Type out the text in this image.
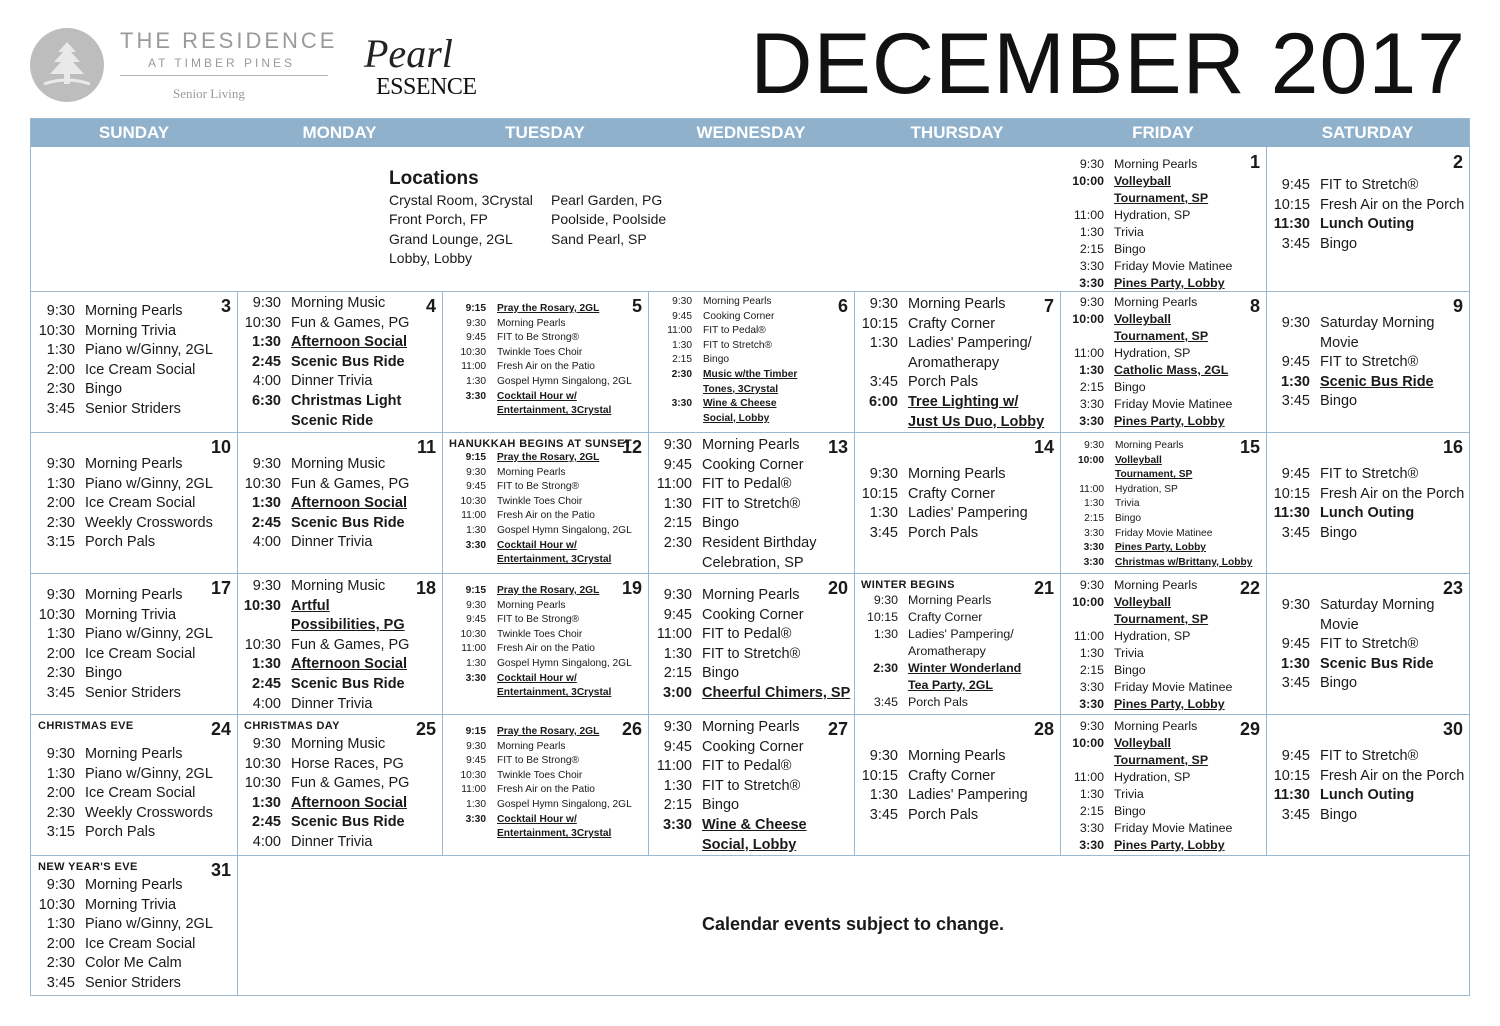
THE RESIDENCE
AT TIMBER PINES
Senior Living
Pearl
ESSENCE	DECEMBER 2017
SUNDAY	MONDAY	TUESDAY	WEDNESDAY	THURSDAY	FRIDAY	SATURDAY
Locations
Crystal Room, 3Crystal	Pearl Garden, PG
Front Porch, FP	Poolside, Poolside
Grand Lounge, 2GL	Sand Pearl, SP
Lobby, Lobby
1
9:30 Morning Pearls
10:00 Volleyball
Tournament, SP
11:00 Hydration, SP
1:30 Trivia
2:15 Bingo
3:30 Friday Movie Matinee
3:30 Pines Party, Lobby
2
9:45 FIT to Stretch®
10:15 Fresh Air on the Porch
11:30 Lunch Outing
3:45 Bingo
3
9:30 Morning Pearls
10:30 Morning Trivia
1:30 Piano w/Ginny, 2GL
2:00 Ice Cream Social
2:30 Bingo
3:45 Senior Striders
4
9:30 Morning Music
10:30 Fun & Games, PG
1:30 Afternoon Social
2:45 Scenic Bus Ride
4:00 Dinner Trivia
6:30 Christmas Light
Scenic Ride
5
9:15 Pray the Rosary, 2GL
9:30 Morning Pearls
9:45 FIT to Be Strong®
10:30 Twinkle Toes Choir
11:00 Fresh Air on the Patio
1:30 Gospel Hymn Singalong, 2GL
3:30 Cocktail Hour w/
Entertainment, 3Crystal
6
9:30 Morning Pearls
9:45 Cooking Corner
11:00 FIT to Pedal®
1:30 FIT to Stretch®
2:15 Bingo
2:30 Music w/the Timber
Tones, 3Crystal
3:30 Wine & Cheese
Social, Lobby
7
9:30 Morning Pearls
10:15 Crafty Corner
1:30 Ladies' Pampering/
Aromatherapy
3:45 Porch Pals
6:00 Tree Lighting w/
Just Us Duo, Lobby
8
9:30 Morning Pearls
10:00 Volleyball
Tournament, SP
11:00 Hydration, SP
1:30 Catholic Mass, 2GL
2:15 Bingo
3:30 Friday Movie Matinee
3:30 Pines Party, Lobby
9
9:30 Saturday Morning
Movie
9:45 FIT to Stretch®
1:30 Scenic Bus Ride
3:45 Bingo
10
9:30 Morning Pearls
1:30 Piano w/Ginny, 2GL
2:00 Ice Cream Social
2:30 Weekly Crosswords
3:15 Porch Pals
11
9:30 Morning Music
10:30 Fun & Games, PG
1:30 Afternoon Social
2:45 Scenic Bus Ride
4:00 Dinner Trivia
12
HANUKKAH BEGINS AT SUNSET
9:15 Pray the Rosary, 2GL
9:30 Morning Pearls
9:45 FIT to Be Strong®
10:30 Twinkle Toes Choir
11:00 Fresh Air on the Patio
1:30 Gospel Hymn Singalong, 2GL
3:30 Cocktail Hour w/
Entertainment, 3Crystal
13
9:30 Morning Pearls
9:45 Cooking Corner
11:00 FIT to Pedal®
1:30 FIT to Stretch®
2:15 Bingo
2:30 Resident Birthday
Celebration, SP
14
9:30 Morning Pearls
10:15 Crafty Corner
1:30 Ladies' Pampering
3:45 Porch Pals
15
9:30 Morning Pearls
10:00 Volleyball
Tournament, SP
11:00 Hydration, SP
1:30 Trivia
2:15 Bingo
3:30 Friday Movie Matinee
3:30 Pines Party, Lobby
3:30 Christmas w/Brittany, Lobby
16
9:45 FIT to Stretch®
10:15 Fresh Air on the Porch
11:30 Lunch Outing
3:45 Bingo
17
9:30 Morning Pearls
10:30 Morning Trivia
1:30 Piano w/Ginny, 2GL
2:00 Ice Cream Social
2:30 Bingo
3:45 Senior Striders
18
9:30 Morning Music
10:30 Artful
Possibilities, PG
10:30 Fun & Games, PG
1:30 Afternoon Social
2:45 Scenic Bus Ride
4:00 Dinner Trivia
19
9:15 Pray the Rosary, 2GL
9:30 Morning Pearls
9:45 FIT to Be Strong®
10:30 Twinkle Toes Choir
11:00 Fresh Air on the Patio
1:30 Gospel Hymn Singalong, 2GL
3:30 Cocktail Hour w/
Entertainment, 3Crystal
20
9:30 Morning Pearls
9:45 Cooking Corner
11:00 FIT to Pedal®
1:30 FIT to Stretch®
2:15 Bingo
3:00 Cheerful Chimers, SP
21
WINTER BEGINS
9:30 Morning Pearls
10:15 Crafty Corner
1:30 Ladies' Pampering/
Aromatherapy
2:30 Winter Wonderland
Tea Party, 2GL
3:45 Porch Pals
22
9:30 Morning Pearls
10:00 Volleyball
Tournament, SP
11:00 Hydration, SP
1:30 Trivia
2:15 Bingo
3:30 Friday Movie Matinee
3:30 Pines Party, Lobby
23
9:30 Saturday Morning
Movie
9:45 FIT to Stretch®
1:30 Scenic Bus Ride
3:45 Bingo
24
CHRISTMAS EVE
9:30 Morning Pearls
1:30 Piano w/Ginny, 2GL
2:00 Ice Cream Social
2:30 Weekly Crosswords
3:15 Porch Pals
25
CHRISTMAS DAY
9:30 Morning Music
10:30 Horse Races, PG
10:30 Fun & Games, PG
1:30 Afternoon Social
2:45 Scenic Bus Ride
4:00 Dinner Trivia
26
9:15 Pray the Rosary, 2GL
9:30 Morning Pearls
9:45 FIT to Be Strong®
10:30 Twinkle Toes Choir
11:00 Fresh Air on the Patio
1:30 Gospel Hymn Singalong, 2GL
3:30 Cocktail Hour w/
Entertainment, 3Crystal
27
9:30 Morning Pearls
9:45 Cooking Corner
11:00 FIT to Pedal®
1:30 FIT to Stretch®
2:15 Bingo
3:30 Wine & Cheese
Social, Lobby
28
9:30 Morning Pearls
10:15 Crafty Corner
1:30 Ladies' Pampering
3:45 Porch Pals
29
9:30 Morning Pearls
10:00 Volleyball
Tournament, SP
11:00 Hydration, SP
1:30 Trivia
2:15 Bingo
3:30 Friday Movie Matinee
3:30 Pines Party, Lobby
30
9:45 FIT to Stretch®
10:15 Fresh Air on the Porch
11:30 Lunch Outing
3:45 Bingo
31
NEW YEAR'S EVE
9:30 Morning Pearls
10:30 Morning Trivia
1:30 Piano w/Ginny, 2GL
2:00 Ice Cream Social
2:30 Color Me Calm
3:45 Senior Striders
Calendar events subject to change.
